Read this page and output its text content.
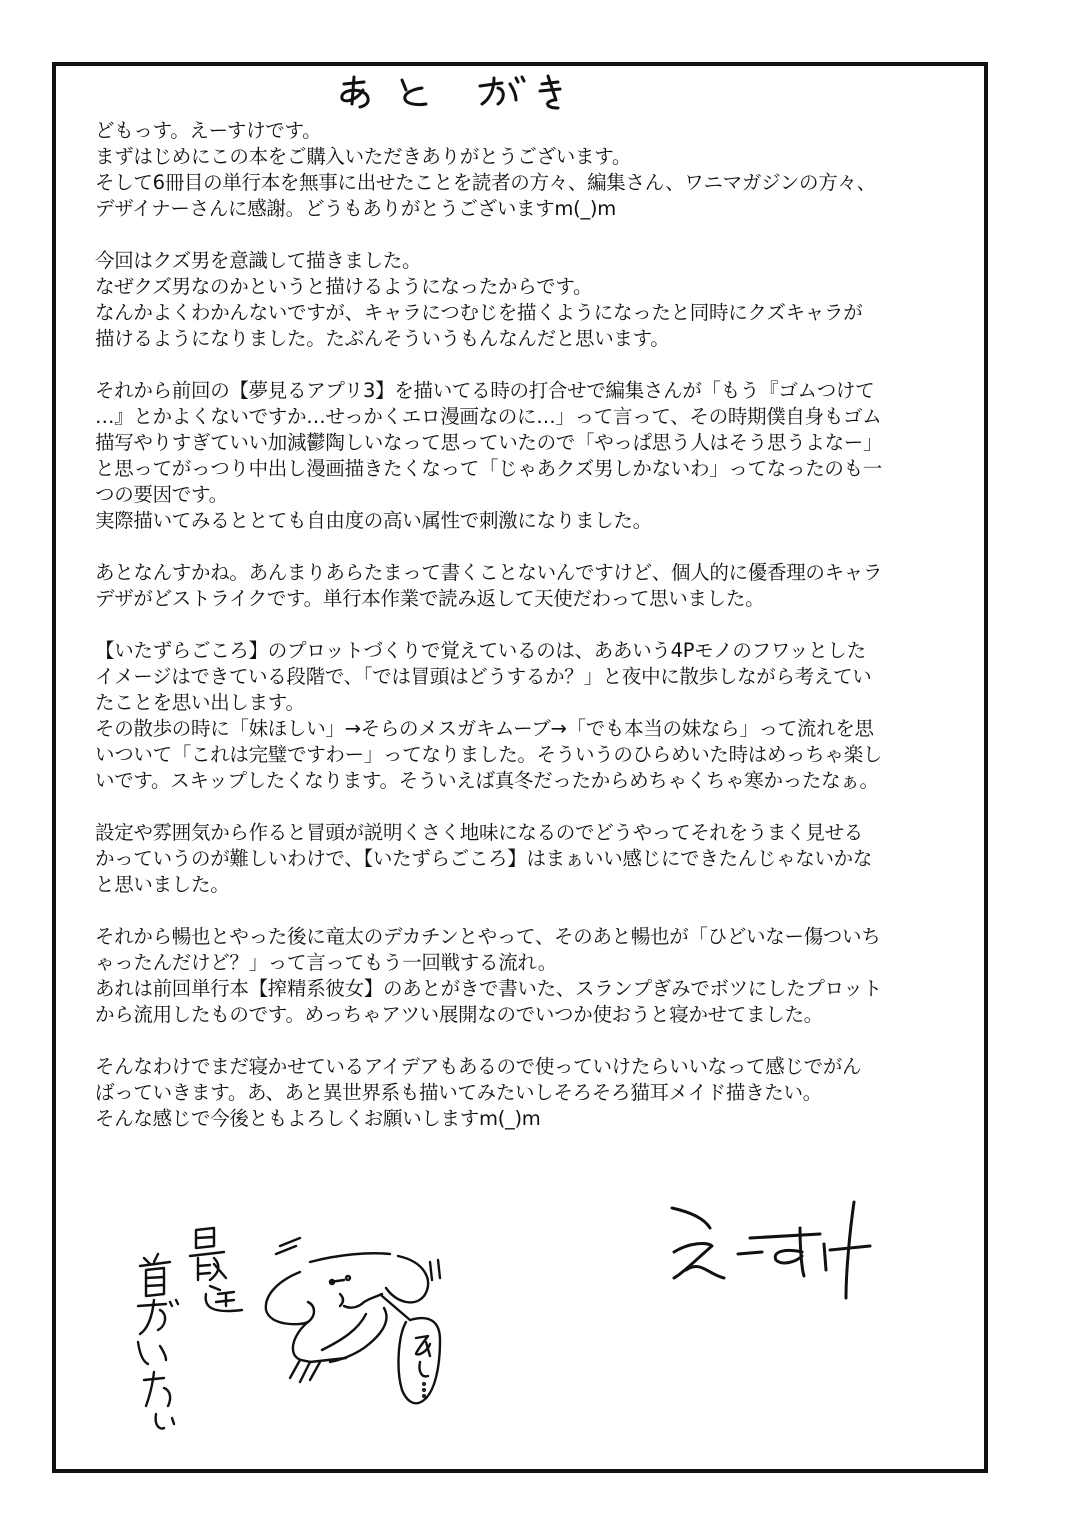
どもっす。えーすけです。
まずはじめにこの本をご購入いただきありがとうございます。
そして6冊目の単行本を無事に出せたことを読者の方々、編集さん、ワニマガジンの方々、
デザイナーさんに感謝。どうもありがとうございますm(_)m
今回はクズ男を意識して描きました。
なぜクズ男なのかというと描けるようになったからです。
なんかよくわかんないですが、キャラにつむじを描くようになったと同時にクズキャラが
描けるようになりました。たぶんそういうもんなんだと思います。
それから前回の【夢見るアプリ3】を描いてる時の打合せで編集さんが「もう『ゴムつけて
…』とかよくないですか…せっかくエロ漫画なのに…」って言って、その時期僕自身もゴム
描写やりすぎていい加減鬱陶しいなって思っていたので「やっぱ思う人はそう思うよなー」
と思ってがっつり中出し漫画描きたくなって「じゃあクズ男しかないわ」ってなったのも一
つの要因です。
実際描いてみるととても自由度の高い属性で刺激になりました。
あとなんすかね。あんまりあらたまって書くことないんですけど、個人的に優香理のキャラ
デザがどストライクです。単行本作業で読み返して天使だわって思いました。
【いたずらごころ】のプロットづくりで覚えているのは、ああいう4Pモノのフワッとした
イメージはできている段階で、「では冒頭はどうするか？」と夜中に散歩しながら考えてい
たことを思い出します。
その散歩の時に「妹ほしい」→そらのメスガキムーブ→「でも本当の妹なら」って流れを思
いついて「これは完璧ですわー」ってなりました。そういうのひらめいた時はめっちゃ楽し
いです。スキップしたくなります。そういえば真冬だったからめちゃくちゃ寒かったなぁ。
設定や雰囲気から作ると冒頭が説明くさく地味になるのでどうやってそれをうまく見せる
かっていうのが難しいわけで、【いたずらごころ】はまぁいい感じにできたんじゃないかな
と思いました。
それから暢也とやった後に竜太のデカチンとやって、そのあと暢也が「ひどいなー傷ついち
ゃったんだけど？」って言ってもう一回戦する流れ。
あれは前回単行本【搾精系彼女】のあとがきで書いた、スランプぎみでボツにしたプロット
から流用したものです。めっちゃアツい展開なのでいつか使おうと寝かせてました。
そんなわけでまだ寝かせているアイデアもあるので使っていけたらいいなって感じでがん
ばっていきます。あ、あと異世界系も描いてみたいしそろそろ猫耳メイド描きたい。
そんな感じで今後ともよろしくお願いしますm(_)m
